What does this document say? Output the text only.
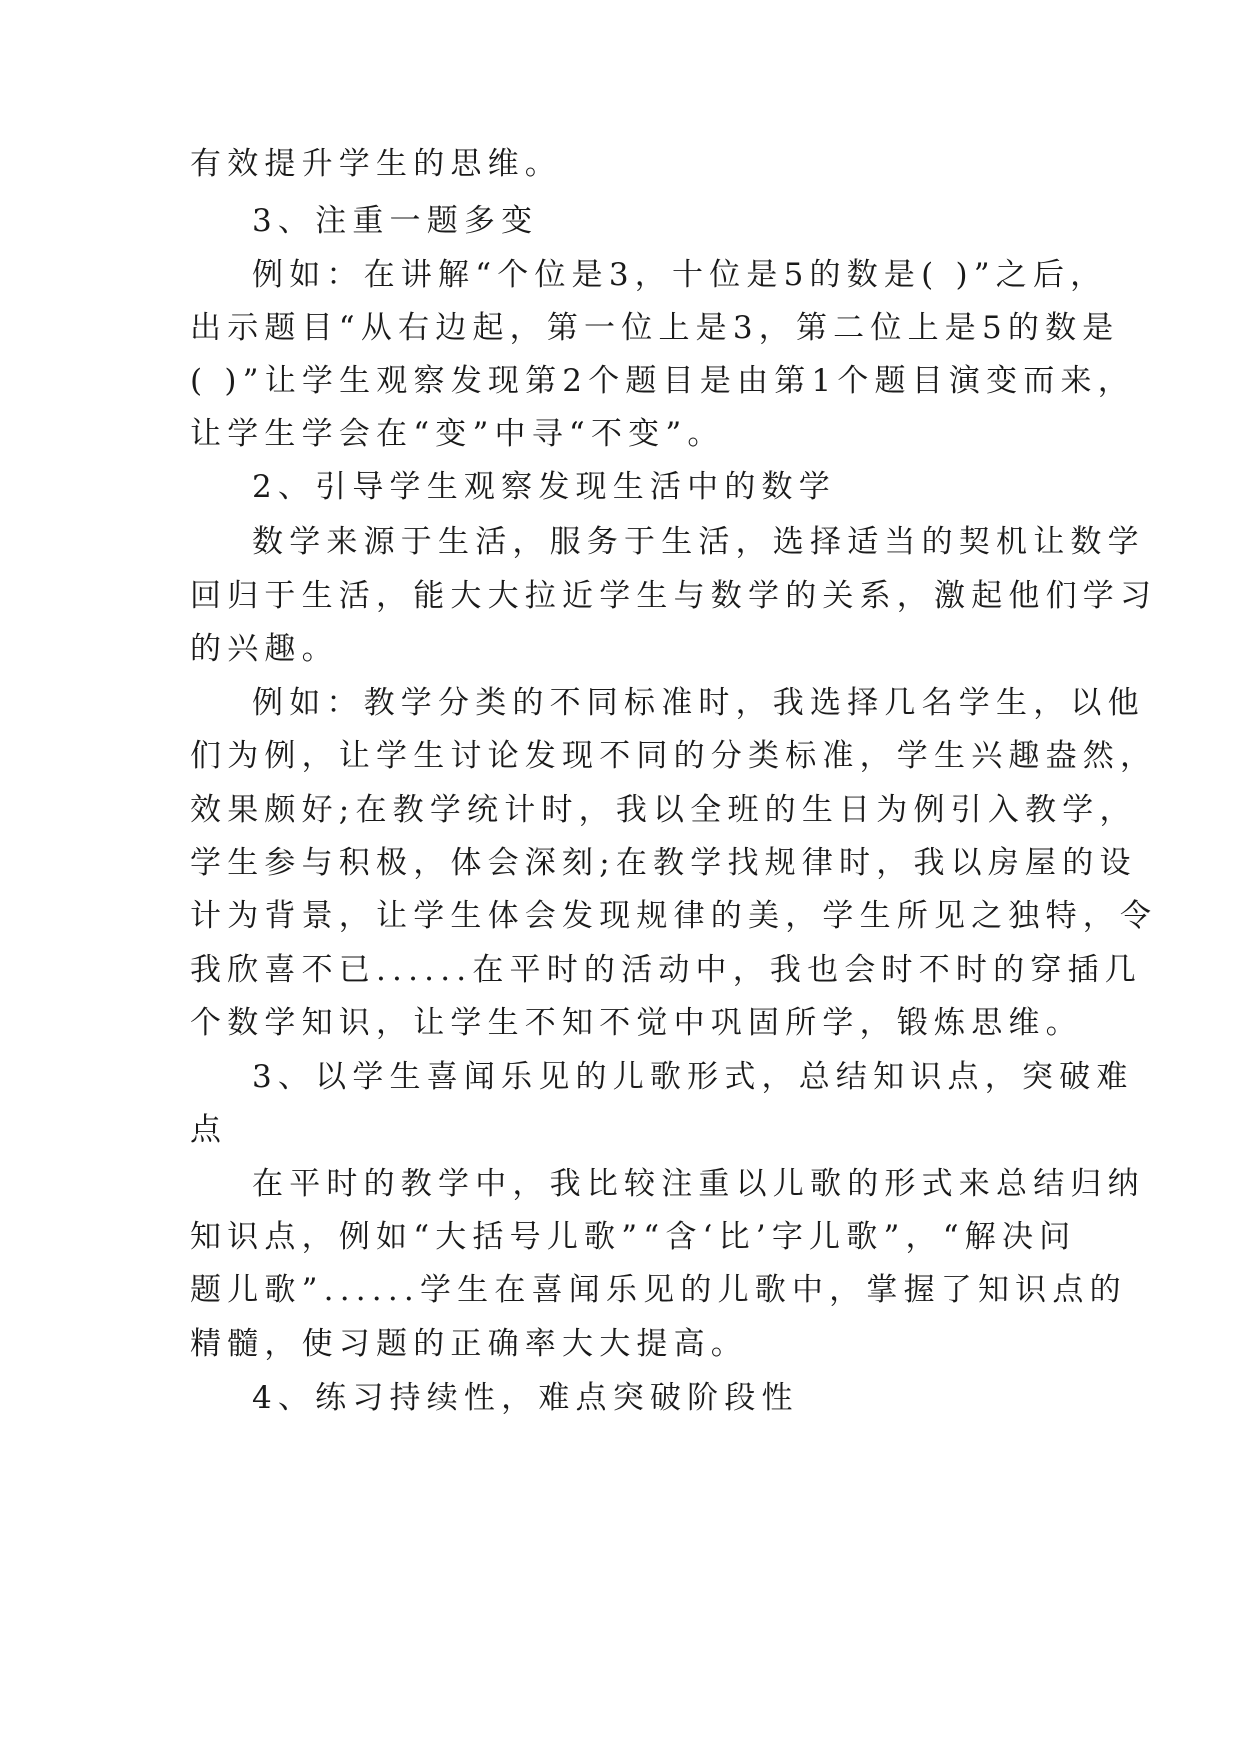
有效提升学生的思维。
3、注重一题多变
例如：在讲解“个位是3，十位是5的数是( )”之后，
出示题目“从右边起，第一位上是3，第二位上是5的数是
( )”让学生观察发现第2个题目是由第1个题目演变而来，
让学生学会在“变”中寻“不变”。
2、引导学生观察发现生活中的数学
数学来源于生活，服务于生活，选择适当的契机让数学
回归于生活，能大大拉近学生与数学的关系，激起他们学习
的兴趣。
例如：教学分类的不同标准时，我选择几名学生，以他
们为例，让学生讨论发现不同的分类标准，学生兴趣盎然，
效果颇好;在教学统计时，我以全班的生日为例引入教学，
学生参与积极，体会深刻;在教学找规律时，我以房屋的设
计为背景，让学生体会发现规律的美，学生所见之独特，令
我欣喜不已......在平时的活动中，我也会时不时的穿插几
个数学知识，让学生不知不觉中巩固所学，锻炼思维。
3、以学生喜闻乐见的儿歌形式，总结知识点，突破难
点
在平时的教学中，我比较注重以儿歌的形式来总结归纳
知识点，例如“大括号儿歌”“含‘比’字儿歌”，“解决问
题儿歌”......学生在喜闻乐见的儿歌中，掌握了知识点的
精髓，使习题的正确率大大提高。
4、练习持续性，难点突破阶段性
